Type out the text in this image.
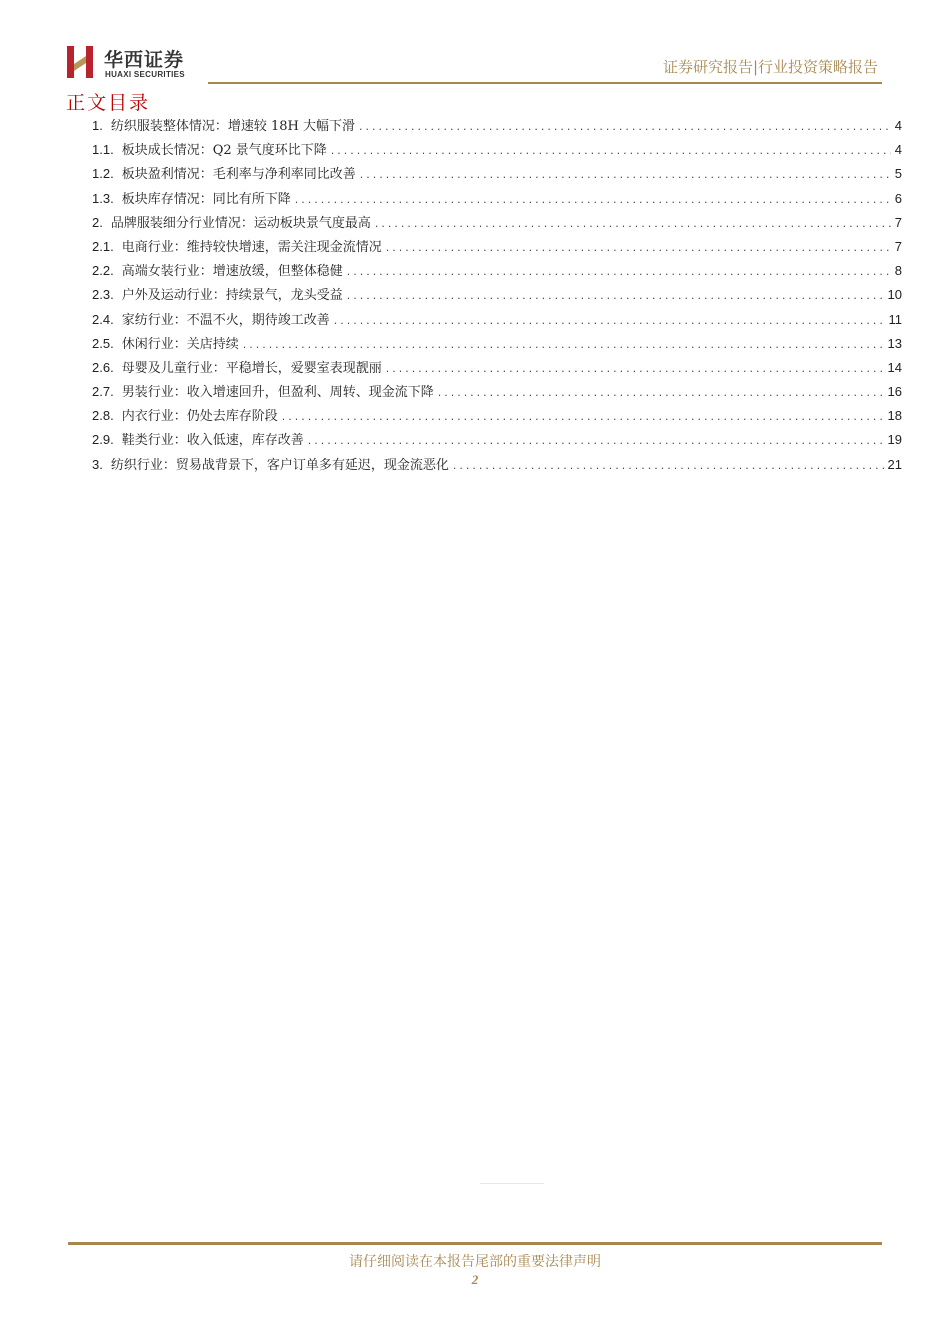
华西证券
HUAXI SECURITIES	证券研究报告|行业投资策略报告
正文目录
1. 纺织服装整体情况：增速较 18H 大幅下滑 .....	4
1.1. 板块成长情况：Q2 景气度环比下降 .....	4
1.2. 板块盈利情况：毛利率与净利率同比改善 .....	5
1.3. 板块库存情况：同比有所下降 .....	6
2. 品牌服装细分行业情况：运动板块景气度最高 .....	7
2.1. 电商行业：维持较快增速，需关注现金流情况 .....	7
2.2. 高端女装行业：增速放缓，但整体稳健 .....	8
2.3. 户外及运动行业：持续景气，龙头受益 .....	10
2.4. 家纺行业：不温不火，期待竣工改善 .....	11
2.5. 休闲行业：关店持续 .....	13
2.6. 母婴及儿童行业：平稳增长，爱婴室表现靓丽 .....	14
2.7. 男装行业：收入增速回升，但盈利、周转、现金流下降 .....	16
2.8. 内衣行业：仍处去库存阶段 .....	18
2.9. 鞋类行业：收入低速，库存改善 .....	19
3. 纺织行业：贸易战背景下，客户订单多有延迟，现金流恶化 .....	21
请仔细阅读在本报告尾部的重要法律声明
2
